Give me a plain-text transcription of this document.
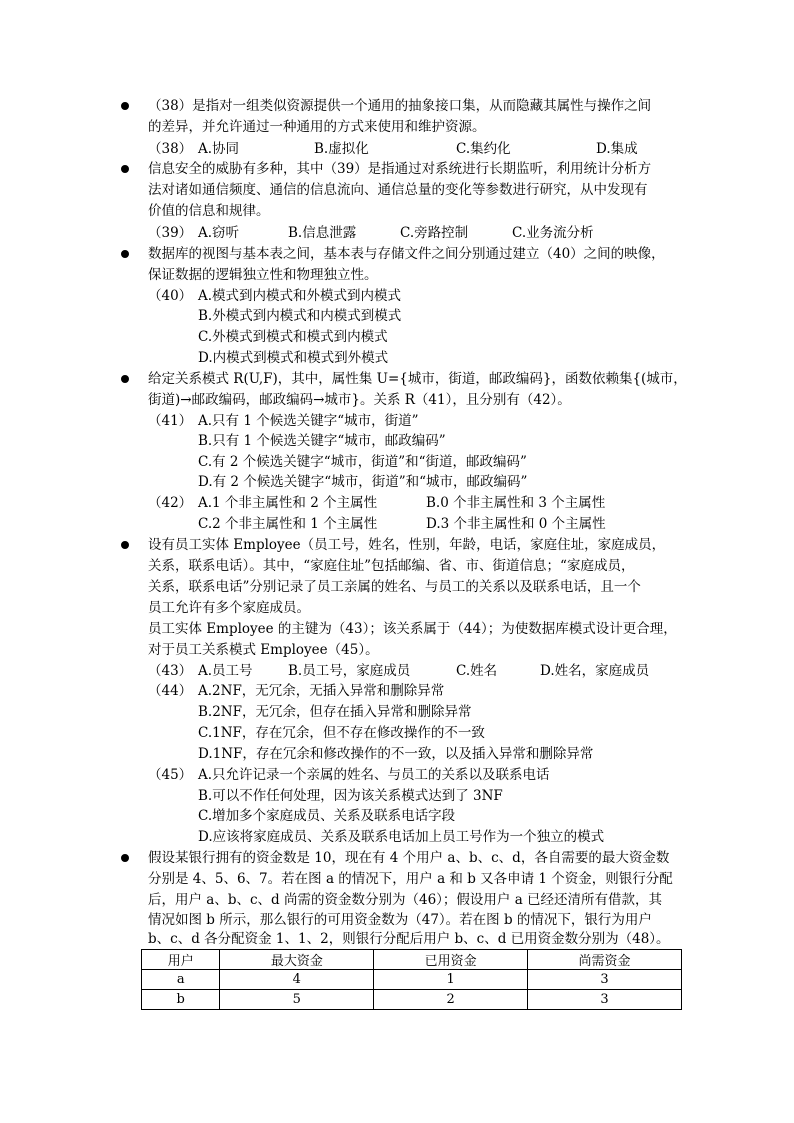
（38）是指对一组类似资源提供一个通用的抽象接口集，从而隐藏其属性与操作之间
的差异，并允许通过一种通用的方式来使用和维护资源。
（38） A.协同	B.虚拟化	C.集约化	D.集成
信息安全的威胁有多种，其中（39）是指通过对系统进行长期监听，利用统计分析方
法对诸如通信频度、通信的信息流向、通信总量的变化等参数进行研究，从中发现有
价值的信息和规律。
（39） A.窃听	B.信息泄露	C.旁路控制	C.业务流分析
数据库的视图与基本表之间，基本表与存储文件之间分别通过建立（40）之间的映像，
保证数据的逻辑独立性和物理独立性。
（40） A.模式到内模式和外模式到内模式
B.外模式到内模式和内模式到模式
C.外模式到模式和模式到内模式
D.内模式到模式和模式到外模式
给定关系模式 R(U,F)，其中，属性集 U={城市，街道，邮政编码}，函数依赖集{(城市，
街道)→邮政编码，邮政编码→城市}。关系 R（41），且分别有（42）。
（41） A.只有 1 个候选关键字“城市，街道”
B.只有 1 个候选关键字“城市，邮政编码”
C.有 2 个候选关键字“城市，街道”和“街道，邮政编码”
D.有 2 个候选关键字“城市，街道”和“城市，邮政编码”
（42） A.1 个非主属性和 2 个主属性	B.0 个非主属性和 3 个主属性
C.2 个非主属性和 1 个主属性	D.3 个非主属性和 0 个主属性
设有员工实体 Employee（员工号，姓名，性别，年龄，电话，家庭住址，家庭成员，
关系，联系电话）。其中，“家庭住址”包括邮编、省、市、街道信息；“家庭成员，
关系，联系电话”分别记录了员工亲属的姓名、与员工的关系以及联系电话，且一个
员工允许有多个家庭成员。
员工实体 Employee 的主键为（43）；该关系属于（44）；为使数据库模式设计更合理，
对于员工关系模式 Employee（45）。
（43） A.员工号	B.员工号，家庭成员	C.姓名	D.姓名，家庭成员
（44） A.2NF，无冗余，无插入异常和删除异常
B.2NF，无冗余，但存在插入异常和删除异常
C.1NF，存在冗余，但不存在修改操作的不一致
D.1NF，存在冗余和修改操作的不一致，以及插入异常和删除异常
（45） A.只允许记录一个亲属的姓名、与员工的关系以及联系电话
B.可以不作任何处理，因为该关系模式达到了 3NF
C.增加多个家庭成员、关系及联系电话字段
D.应该将家庭成员、关系及联系电话加上员工号作为一个独立的模式
假设某银行拥有的资金数是 10，现在有 4 个用户 a、b、c、d，各自需要的最大资金数
分别是 4、5、6、7。若在图 a 的情况下，用户 a 和 b 又各申请 1 个资金，则银行分配
后，用户 a、b、c、d 尚需的资金数分别为（46）；假设用户 a 已经还清所有借款，其
情况如图 b 所示，那么银行的可用资金数为（47）。若在图 b 的情况下，银行为用户
b、c、d 各分配资金 1、1、2，则银行分配后用户 b、c、d 已用资金数分别为（48）。
用户	最大资金	已用资金	尚需资金
a	4	1	3
b	5	2	3
